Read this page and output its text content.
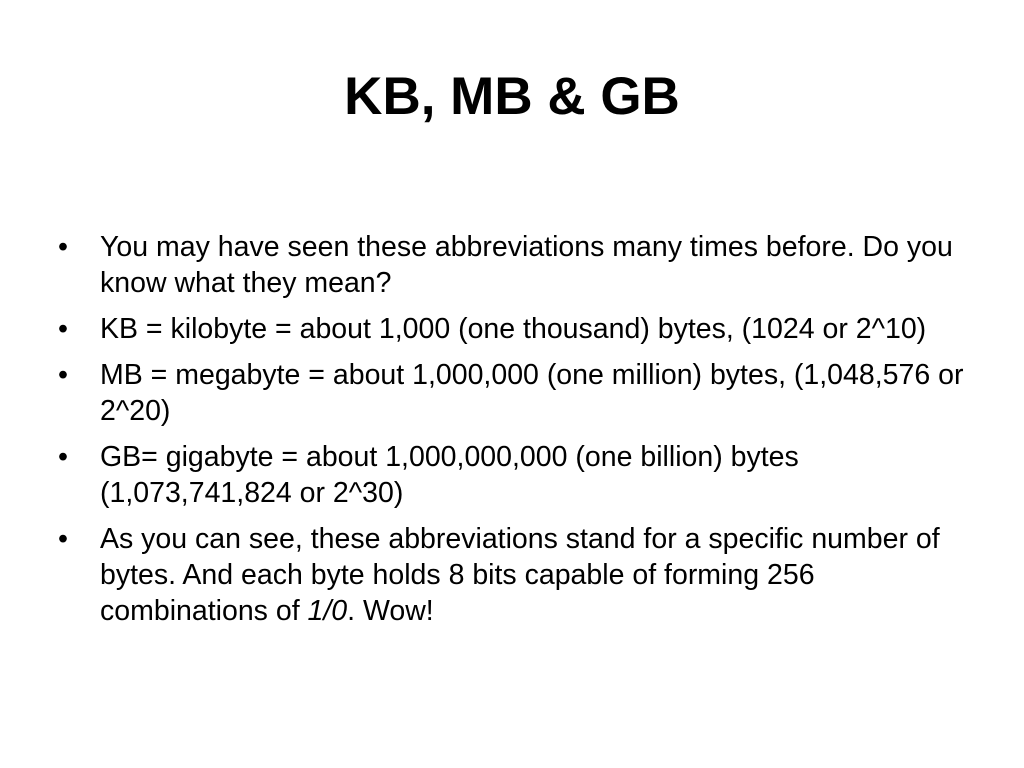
KB, MB & GB
•	You may have seen these abbreviations many times before. Do you know what they mean?
•	KB = kilobyte = about 1,000 (one thousand) bytes, (1024 or 2^10)
•	MB = megabyte = about 1,000,000 (one million) bytes, (1,048,576 or 2^20)
•	GB= gigabyte = about 1,000,000,000 (one billion) bytes (1,073,741,824 or 2^30)
•	As you can see, these abbreviations stand for a specific number of bytes. And each byte holds 8 bits capable of forming 256 combinations of 1/0. Wow!
